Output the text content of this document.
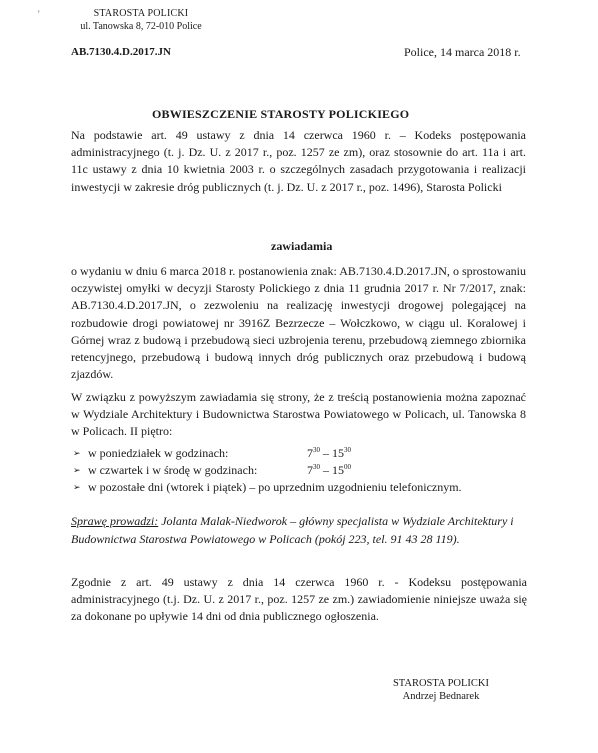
'	STAROSTA POLICKI
ul. Tanowska 8, 72-010 Police
AB.7130.4.D.2017.JN	Police, 14 marca 2018 r.
OBWIESZCZENIE STAROSTY POLICKIEGO
Na podstawie art. 49 ustawy z dnia 14 czerwca 1960 r. – Kodeks postępowania administracyjnego (t. j. Dz. U. z 2017 r., poz. 1257 ze zm), oraz stosownie do art. 11a i art. 11c ustawy z dnia 10 kwietnia 2003 r. o szczególnych zasadach przygotowania i realizacji inwestycji w zakresie dróg publicznych (t. j. Dz. U. z 2017 r., poz. 1496), Starosta Policki
zawiadamia
o wydaniu w dniu 6 marca 2018 r. postanowienia znak: AB.7130.4.D.2017.JN, o sprostowaniu oczywistej omyłki w decyzji Starosty Polickiego z dnia 11 grudnia 2017 r. Nr 7/2017, znak: AB.7130.4.D.2017.JN, o zezwoleniu na realizację inwestycji drogowej polegającej na rozbudowie drogi powiatowej nr 3916Z Bezrzecze – Wołczkowo, w ciągu ul. Koralowej i Górnej wraz z budową i przebudową sieci uzbrojenia terenu, przebudową ziemnego zbiornika retencyjnego, przebudową i budową innych dróg publicznych oraz przebudową i budową zjazdów.
W związku z powyższym zawiadamia się strony, że z treścią postanowienia można zapoznać w Wydziale Architektury i Budownictwa Starostwa Powiatowego w Policach, ul. Tanowska 8 w Policach. II piętro:
➢ w poniedziałek w godzinach:	$7^{30} - 15^{30}$
➢ w czwartek i w środę w godzinach:	$7^{30} - 15^{00}$
➢ w pozostałe dni (wtorek i piątek) – po uprzednim uzgodnieniu telefonicznym.
Sprawę prowadzi: Jolanta Malak-Niedworok – główny specjalista w Wydziale Architektury i Budownictwa Starostwa Powiatowego w Policach (pokój 223, tel. 91 43 28 119).
Zgodnie z art. 49 ustawy z dnia 14 czerwca 1960 r. - Kodeksu postępowania administracyjnego (t.j. Dz. U. z 2017 r., poz. 1257 ze zm.) zawiadomienie niniejsze uważa się za dokonane po upływie 14 dni od dnia publicznego ogłoszenia.
STAROSTA POLICKI
Andrzej Bednarek
